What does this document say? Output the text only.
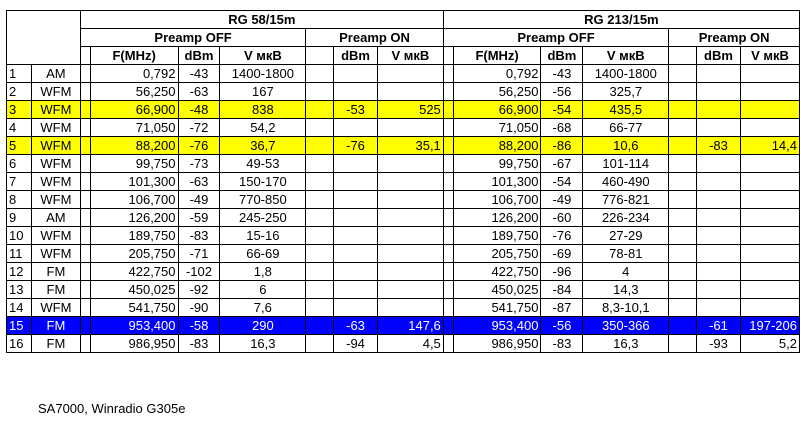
		RG 58/15m							RG 213/15m						
		Preamp OFF				Preamp ON			Preamp OFF				Preamp ON		
			F(MHz)	dBm	V мкВ		dBm	V мкВ		F(MHz)	dBm	V мкВ		dBm	V мкВ
1	AM		0,792	-43	1400-1800					0,792	-43	1400-1800			
2	WFM		56,250	-63	167					56,250	-56	325,7			
3	WFM		66,900	-48	838		-53	525		66,900	-54	435,5			
4	WFM		71,050	-72	54,2					71,050	-68	66-77			
5	WFM		88,200	-76	36,7		-76	35,1		88,200	-86	10,6		-83	14,4
6	WFM		99,750	-73	49-53					99,750	-67	101-114			
7	WFM		101,300	-63	150-170					101,300	-54	460-490			
8	WFM		106,700	-49	770-850					106,700	-49	776-821			
9	AM		126,200	-59	245-250					126,200	-60	226-234			
10	WFM		189,750	-83	15-16					189,750	-76	27-29			
11	WFM		205,750	-71	66-69					205,750	-69	78-81			
12	FM		422,750	-102	1,8					422,750	-96	4			
13	FM		450,025	-92	6					450,025	-84	14,3			
14	WFM		541,750	-90	7,6					541,750	-87	8,3-10,1			
15	FM		953,400	-58	290		-63	147,6		953,400	-56	350-366		-61	197-206
16	FM		986,950	-83	16,3		-94	4,5		986,950	-83	16,3		-93	5,2
SA7000, Winradio G305e
